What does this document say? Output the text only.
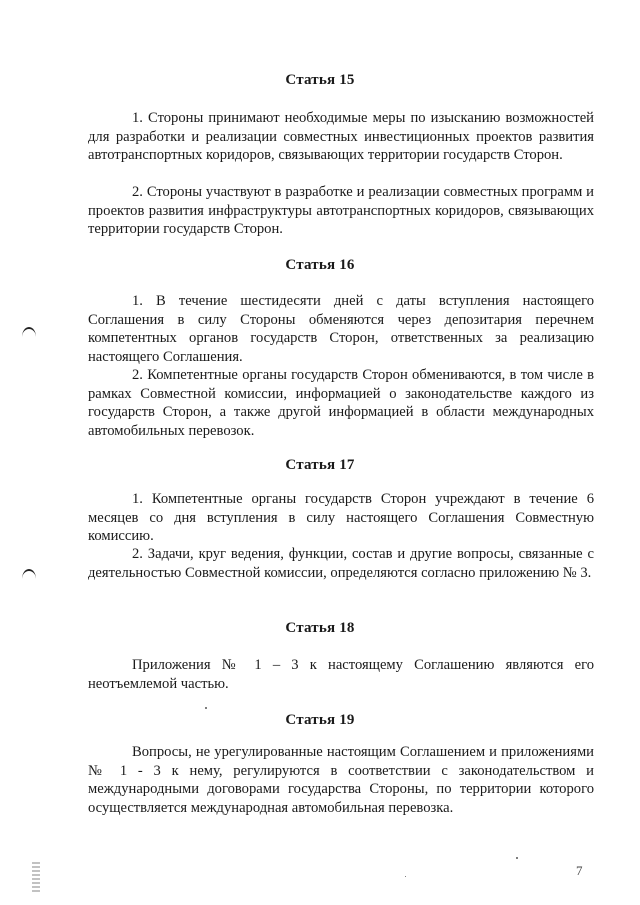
Статья 15

1. Стороны принимают необходимые меры по изысканию возможностей для разработки и реализации совместных инвестиционных проектов развития автотранспортных коридоров, связывающих территории государств Сторон.

2. Стороны участвуют в разработке и реализации совместных программ и проектов развития инфраструктуры автотранспортных коридоров, связывающих территории государств Сторон.

Статья 16

1. В течение шестидесяти дней с даты вступления настоящего Соглашения в силу Стороны обменяются через депозитария перечнем компетентных органов государств Сторон, ответственных за реализацию настоящего Соглашения.

2. Компетентные органы государств Сторон обмениваются, в том числе в рамках Совместной комиссии, информацией о законодательстве каждого из государств Сторон, а также другой информацией в области международных автомобильных перевозок.

Статья 17

1. Компетентные органы государств Сторон учреждают в течение 6 месяцев со дня вступления в силу настоящего Соглашения Совместную комиссию.

2. Задачи, круг ведения, функции, состав и другие вопросы, связанные с деятельностью Совместной комиссии, определяются согласно приложению № 3.

Статья 18

Приложения № 1 – 3 к настоящему Соглашению являются его неотъемлемой частью.

Статья 19

Вопросы, не урегулированные настоящим Соглашением и приложениями № 1 - 3 к нему, регулируются в соответствии с законодательством и международными договорами государства Стороны, по территории которого осуществляется международная автомобильная перевозка.

7
